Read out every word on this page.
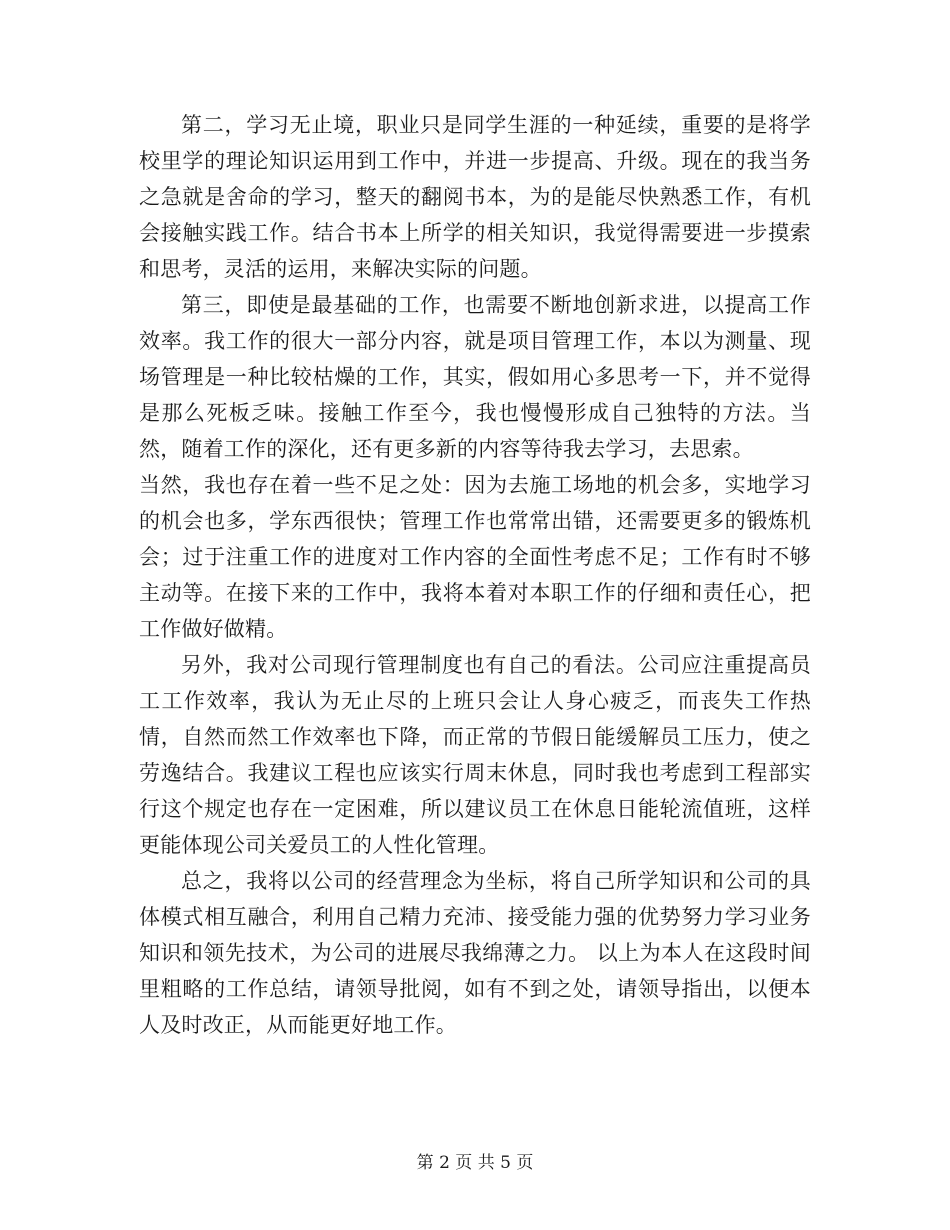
第二，学习无止境，职业只是同学生涯的一种延续，重要的是将学校里学的理论知识运用到工作中，并进一步提高、升级。现在的我当务之急就是舍命的学习，整天的翻阅书本，为的是能尽快熟悉工作，有机会接触实践工作。结合书本上所学的相关知识，我觉得需要进一步摸索和思考，灵活的运用，来解决实际的问题。

第三，即使是最基础的工作，也需要不断地创新求进，以提高工作效率。我工作的很大一部分内容，就是项目管理工作，本以为测量、现场管理是一种比较枯燥的工作，其实，假如用心多思考一下，并不觉得是那么死板乏味。接触工作至今，我也慢慢形成自己独特的方法。当然，随着工作的深化，还有更多新的内容等待我去学习，去思索。

当然，我也存在着一些不足之处：因为去施工场地的机会多，实地学习的机会也多，学东西很快；管理工作也常常出错，还需要更多的锻炼机会；过于注重工作的进度对工作内容的全面性考虑不足；工作有时不够主动等。在接下来的工作中，我将本着对本职工作的仔细和责任心，把工作做好做精。

另外，我对公司现行管理制度也有自己的看法。公司应注重提高员工工作效率，我认为无止尽的上班只会让人身心疲乏，而丧失工作热情，自然而然工作效率也下降，而正常的节假日能缓解员工压力，使之劳逸结合。我建议工程也应该实行周末休息，同时我也考虑到工程部实行这个规定也存在一定困难，所以建议员工在休息日能轮流值班，这样更能体现公司关爱员工的人性化管理。

总之，我将以公司的经营理念为坐标，将自己所学知识和公司的具体模式相互融合，利用自己精力充沛、接受能力强的优势努力学习业务知识和领先技术，为公司的进展尽我绵薄之力。 以上为本人在这段时间里粗略的工作总结，请领导批阅，如有不到之处，请领导指出，以便本人及时改正，从而能更好地工作。

第 2 页 共 5 页
